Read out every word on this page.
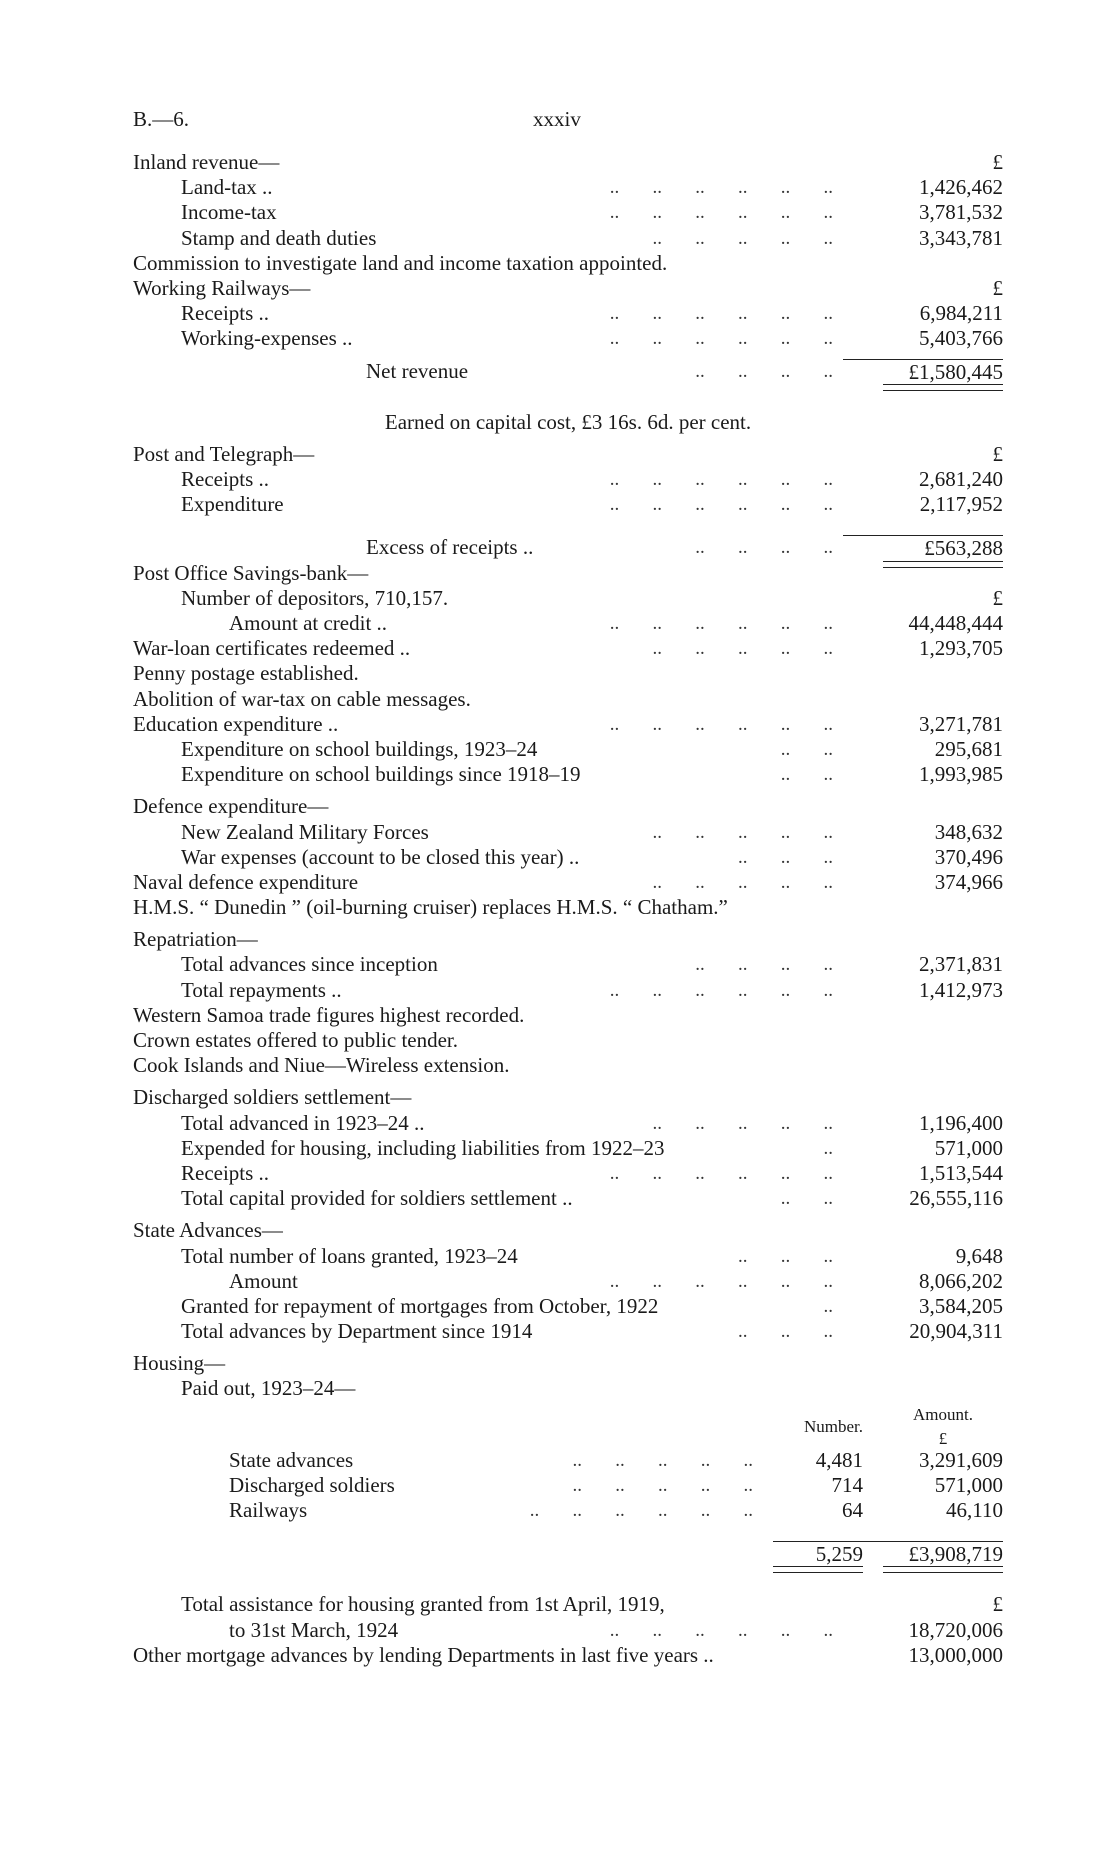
B.—6.	xxxiv
Inland revenue—	£
..       ..       ..       ..       ..       ..
Land-tax ..	1,426,462
..       ..       ..       ..       ..       ..
Income-tax	3,781,532
..       ..       ..       ..       ..
Stamp and death duties	3,343,781
Commission to investigate land and income taxation appointed.
Working Railways—	£
..       ..       ..       ..       ..       ..
Receipts ..	6,984,211
..       ..       ..       ..       ..       ..
Working-expenses ..	5,403,766
..       ..       ..       ..
Net revenue	£1,580,445
Earned on capital cost, £3 16s. 6d. per cent.
Post and Telegraph—	£
..       ..       ..       ..       ..       ..
Receipts ..	2,681,240
..       ..       ..       ..       ..       ..
Expenditure	2,117,952
..       ..       ..       ..
Excess of receipts ..	£563,288
Post Office Savings-bank—
Number of depositors, 710,157.	£
..       ..       ..       ..       ..       ..
Amount at credit ..	44,448,444
..       ..       ..       ..       ..
War-loan certificates redeemed ..	1,293,705
Penny postage established.
Abolition of war-tax on cable messages.
..       ..       ..       ..       ..       ..
Education expenditure ..	3,271,781
..       ..
Expenditure on school buildings, 1923–24	295,681
..       ..
Expenditure on school buildings since 1918–19	1,993,985
Defence expenditure—
..       ..       ..       ..       ..
New Zealand Military Forces	348,632
..       ..       ..
War expenses (account to be closed this year) ..	370,496
..       ..       ..       ..       ..
Naval defence expenditure	374,966
H.M.S. “ Dunedin ” (oil-burning cruiser) replaces H.M.S. “ Chatham.”
Repatriation—
..       ..       ..       ..
Total advances since inception	2,371,831
..       ..       ..       ..       ..       ..
Total repayments ..	1,412,973
Western Samoa trade figures highest recorded.
Crown estates offered to public tender.
Cook Islands and Niue—Wireless extension.
Discharged soldiers settlement—
..       ..       ..       ..       ..
Total advanced in 1923–24 ..	1,196,400
..
Expended for housing, including liabilities from 1922–23	571,000
..       ..       ..       ..       ..       ..
Receipts ..	1,513,544
..       ..
Total capital provided for soldiers settlement ..	26,555,116
State Advances—
..       ..       ..
Total number of loans granted, 1923–24	9,648
..       ..       ..       ..       ..       ..
Amount	8,066,202
..
Granted for repayment of mortgages from October, 1922	3,584,205
..       ..       ..
Total advances by Department since 1914	20,904,311
Housing—
Paid out, 1923–24—
Number.
Amount.
£
..       ..       ..       ..       ..
State advances	4,481	3,291,609
..       ..       ..       ..       ..
Discharged soldiers	714	571,000
..       ..       ..       ..       ..       ..
Railways	64	46,110
5,259	£3,908,719
Total assistance for housing granted from 1st April, 1919,	£
..       ..       ..       ..       ..       ..
to 31st March, 1924	18,720,006
Other mortgage advances by lending Departments in last five years ..	13,000,000
